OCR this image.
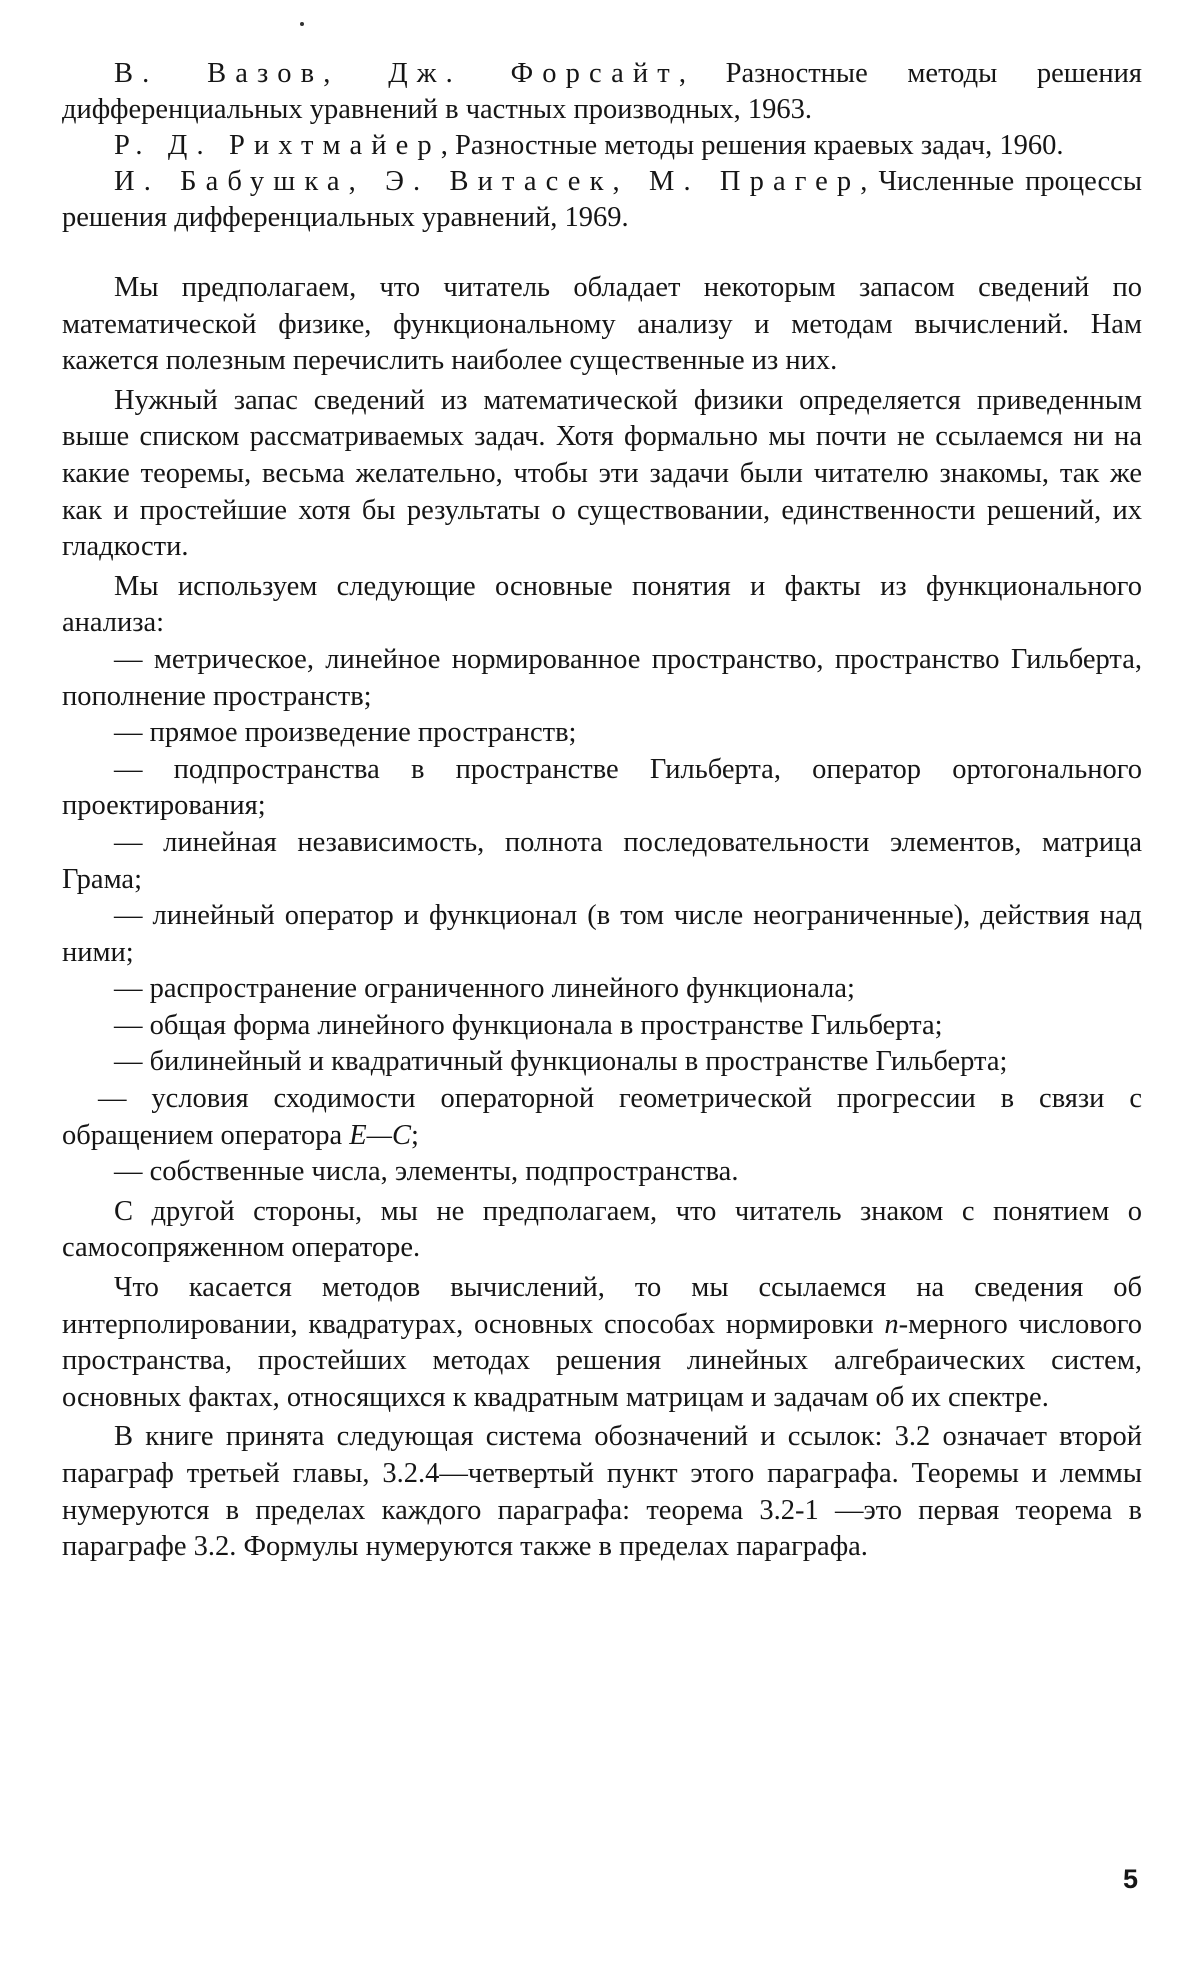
В. Вазов, Дж. Форсайт, Разностные методы решения дифференциальных уравнений в частных производных, 1963.

Р. Д. Рихтмайер, Разностные методы решения краевых задач, 1960.

И. Бабушка, Э. Витасек, М. Прагер, Численные процессы решения дифференциальных уравнений, 1969.

Мы предполагаем, что читатель обладает некоторым запасом сведений по математической физике, функциональному анализу и методам вычислений. Нам кажется полезным перечислить наиболее существенные из них.

Нужный запас сведений из математической физики определяется приведенным выше списком рассматриваемых задач. Хотя формально мы почти не ссылаемся ни на какие теоремы, весьма желательно, чтобы эти задачи были читателю знакомы, так же как и простейшие хотя бы результаты о существовании, единственности решений, их гладкости.

Мы используем следующие основные понятия и факты из функционального анализа:

— метрическое, линейное нормированное пространство, пространство Гильберта, пополнение пространств;

— прямое произведение пространств;

— подпространства в пространстве Гильберта, оператор ортогонального проектирования;

— линейная независимость, полнота последовательности элементов, матрица Грама;

— линейный оператор и функционал (в том числе неограниченные), действия над ними;

— распространение ограниченного линейного функционала;

— общая форма линейного функционала в пространстве Гильберта;

— билинейный и квадратичный функционалы в пространстве Гильберта;

— условия сходимости операторной геометрической прогрессии в связи с обращением оператора E—C;

— собственные числа, элементы, подпространства.

С другой стороны, мы не предполагаем, что читатель знаком с понятием о самосопряженном операторе.

Что касается методов вычислений, то мы ссылаемся на сведения об интерполировании, квадратурах, основных способах нормировки n-мерного числового пространства, простейших методах решения линейных алгебраических систем, основных фактах, относящихся к квадратным матрицам и задачам об их спектре.

В книге принята следующая система обозначений и ссылок: 3.2 означает второй параграф третьей главы, 3.2.4—четвертый пункт этого параграфа. Теоремы и леммы нумеруются в пределах каждого параграфа: теорема 3.2-1 —это первая теорема в параграфе 3.2. Формулы нумеруются также в пределах параграфа.

5
